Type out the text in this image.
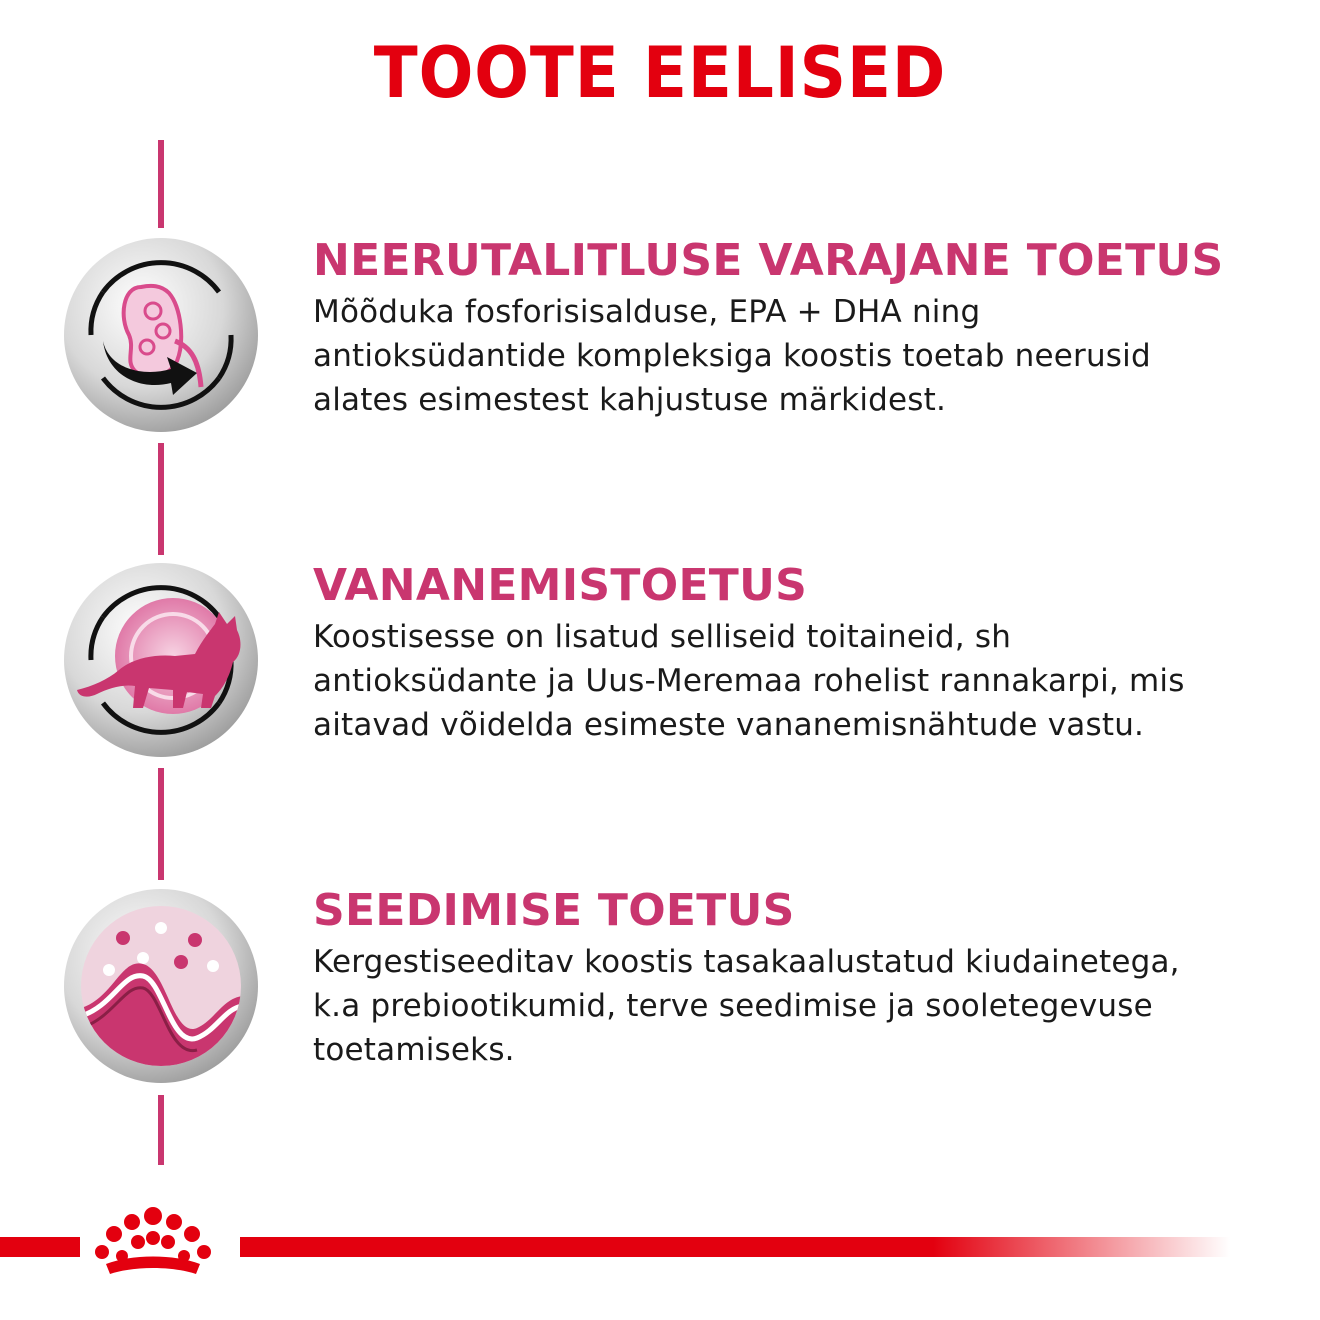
TOOTE EELISED
NEERUTALITLUSE VARAJANE TOETUS

Mõõduka fosforisisalduse, EPA + DHA ning
antioksüdantide kompleksiga koostis toetab neerusid
alates esimestest kahjustuse märkidest.

VANANEMISTOETUS

Koostisesse on lisatud selliseid toitaineid, sh
antioksüdante ja Uus-Meremaa rohelist rannakarpi, mis
aitavad võidelda esimeste vananemisnähtude vastu.

SEEDIMISE TOETUS

Kergestiseeditav koostis tasakaalustatud kiudainetega,
k.a prebiootikumid, terve seedimise ja sooletegevuse
toetamiseks.
